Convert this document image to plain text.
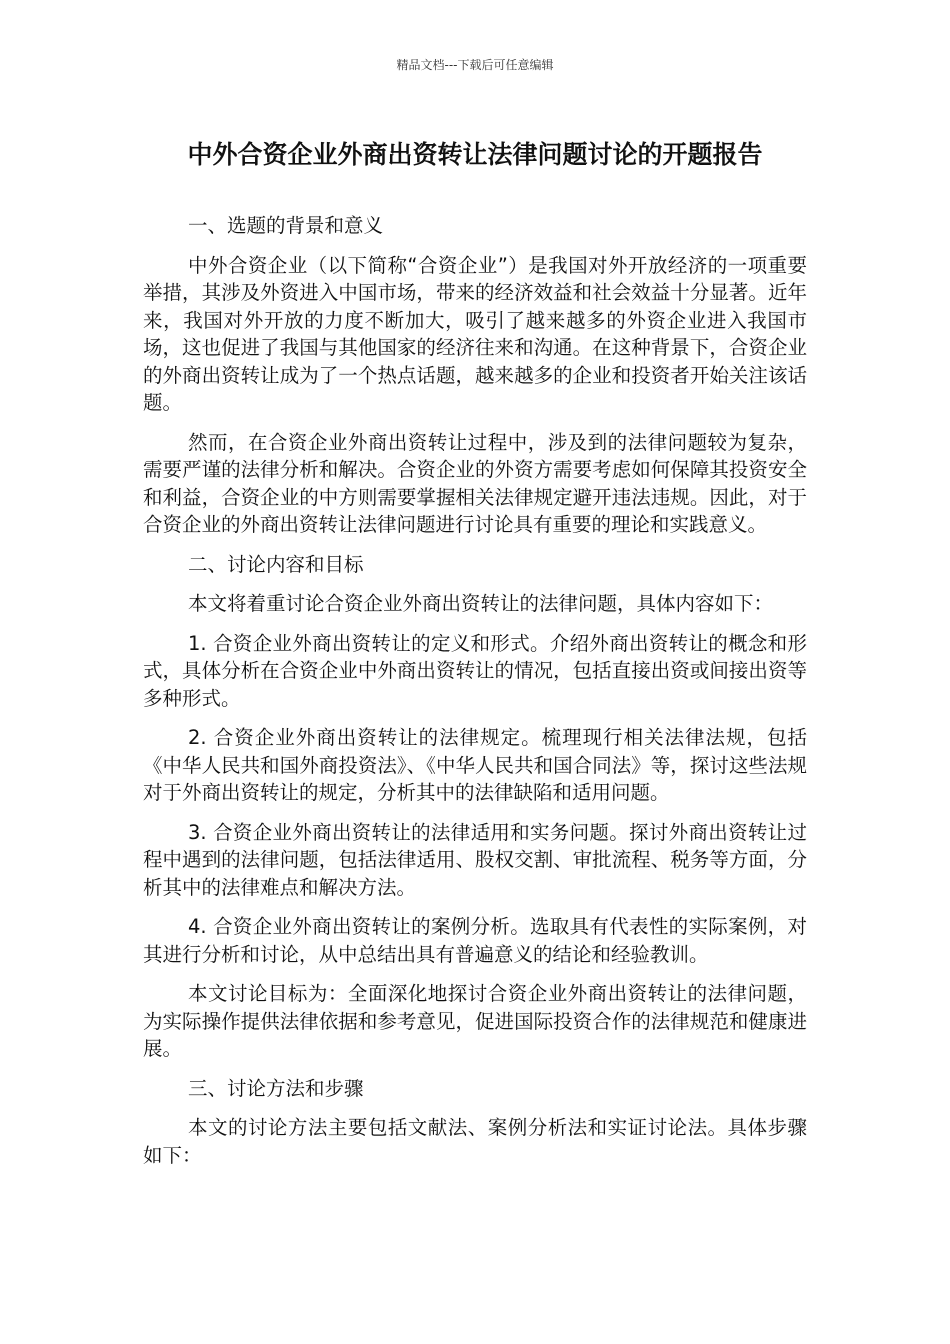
精品文档---下载后可任意编辑
中外合资企业外商出资转让法律问题讨论的开题报告

一、选题的背景和意义

中外合资企业（以下简称“合资企业”）是我国对外开放经济的一项重要举措，其涉及外资进入中国市场，带来的经济效益和社会效益十分显著。近年来，我国对外开放的力度不断加大，吸引了越来越多的外资企业进入我国市场，这也促进了我国与其他国家的经济往来和沟通。在这种背景下，合资企业的外商出资转让成为了一个热点话题，越来越多的企业和投资者开始关注该话题。

然而，在合资企业外商出资转让过程中，涉及到的法律问题较为复杂，需要严谨的法律分析和解决。合资企业的外资方需要考虑如何保障其投资安全和利益，合资企业的中方则需要掌握相关法律规定避开违法违规。因此，对于合资企业的外商出资转让法律问题进行讨论具有重要的理论和实践意义。

二、讨论内容和目标

本文将着重讨论合资企业外商出资转让的法律问题，具体内容如下：

1. 合资企业外商出资转让的定义和形式。介绍外商出资转让的概念和形式，具体分析在合资企业中外商出资转让的情况，包括直接出资或间接出资等多种形式。

2. 合资企业外商出资转让的法律规定。梳理现行相关法律法规，包括《中华人民共和国外商投资法》、《中华人民共和国合同法》等，探讨这些法规对于外商出资转让的规定，分析其中的法律缺陷和适用问题。

3. 合资企业外商出资转让的法律适用和实务问题。探讨外商出资转让过程中遇到的法律问题，包括法律适用、股权交割、审批流程、税务等方面，分析其中的法律难点和解决方法。

4. 合资企业外商出资转让的案例分析。选取具有代表性的实际案例，对其进行分析和讨论，从中总结出具有普遍意义的结论和经验教训。

本文讨论目标为：全面深化地探讨合资企业外商出资转让的法律问题，为实际操作提供法律依据和参考意见，促进国际投资合作的法律规范和健康进展。

三、讨论方法和步骤

本文的讨论方法主要包括文献法、案例分析法和实证讨论法。具体步骤如下：
